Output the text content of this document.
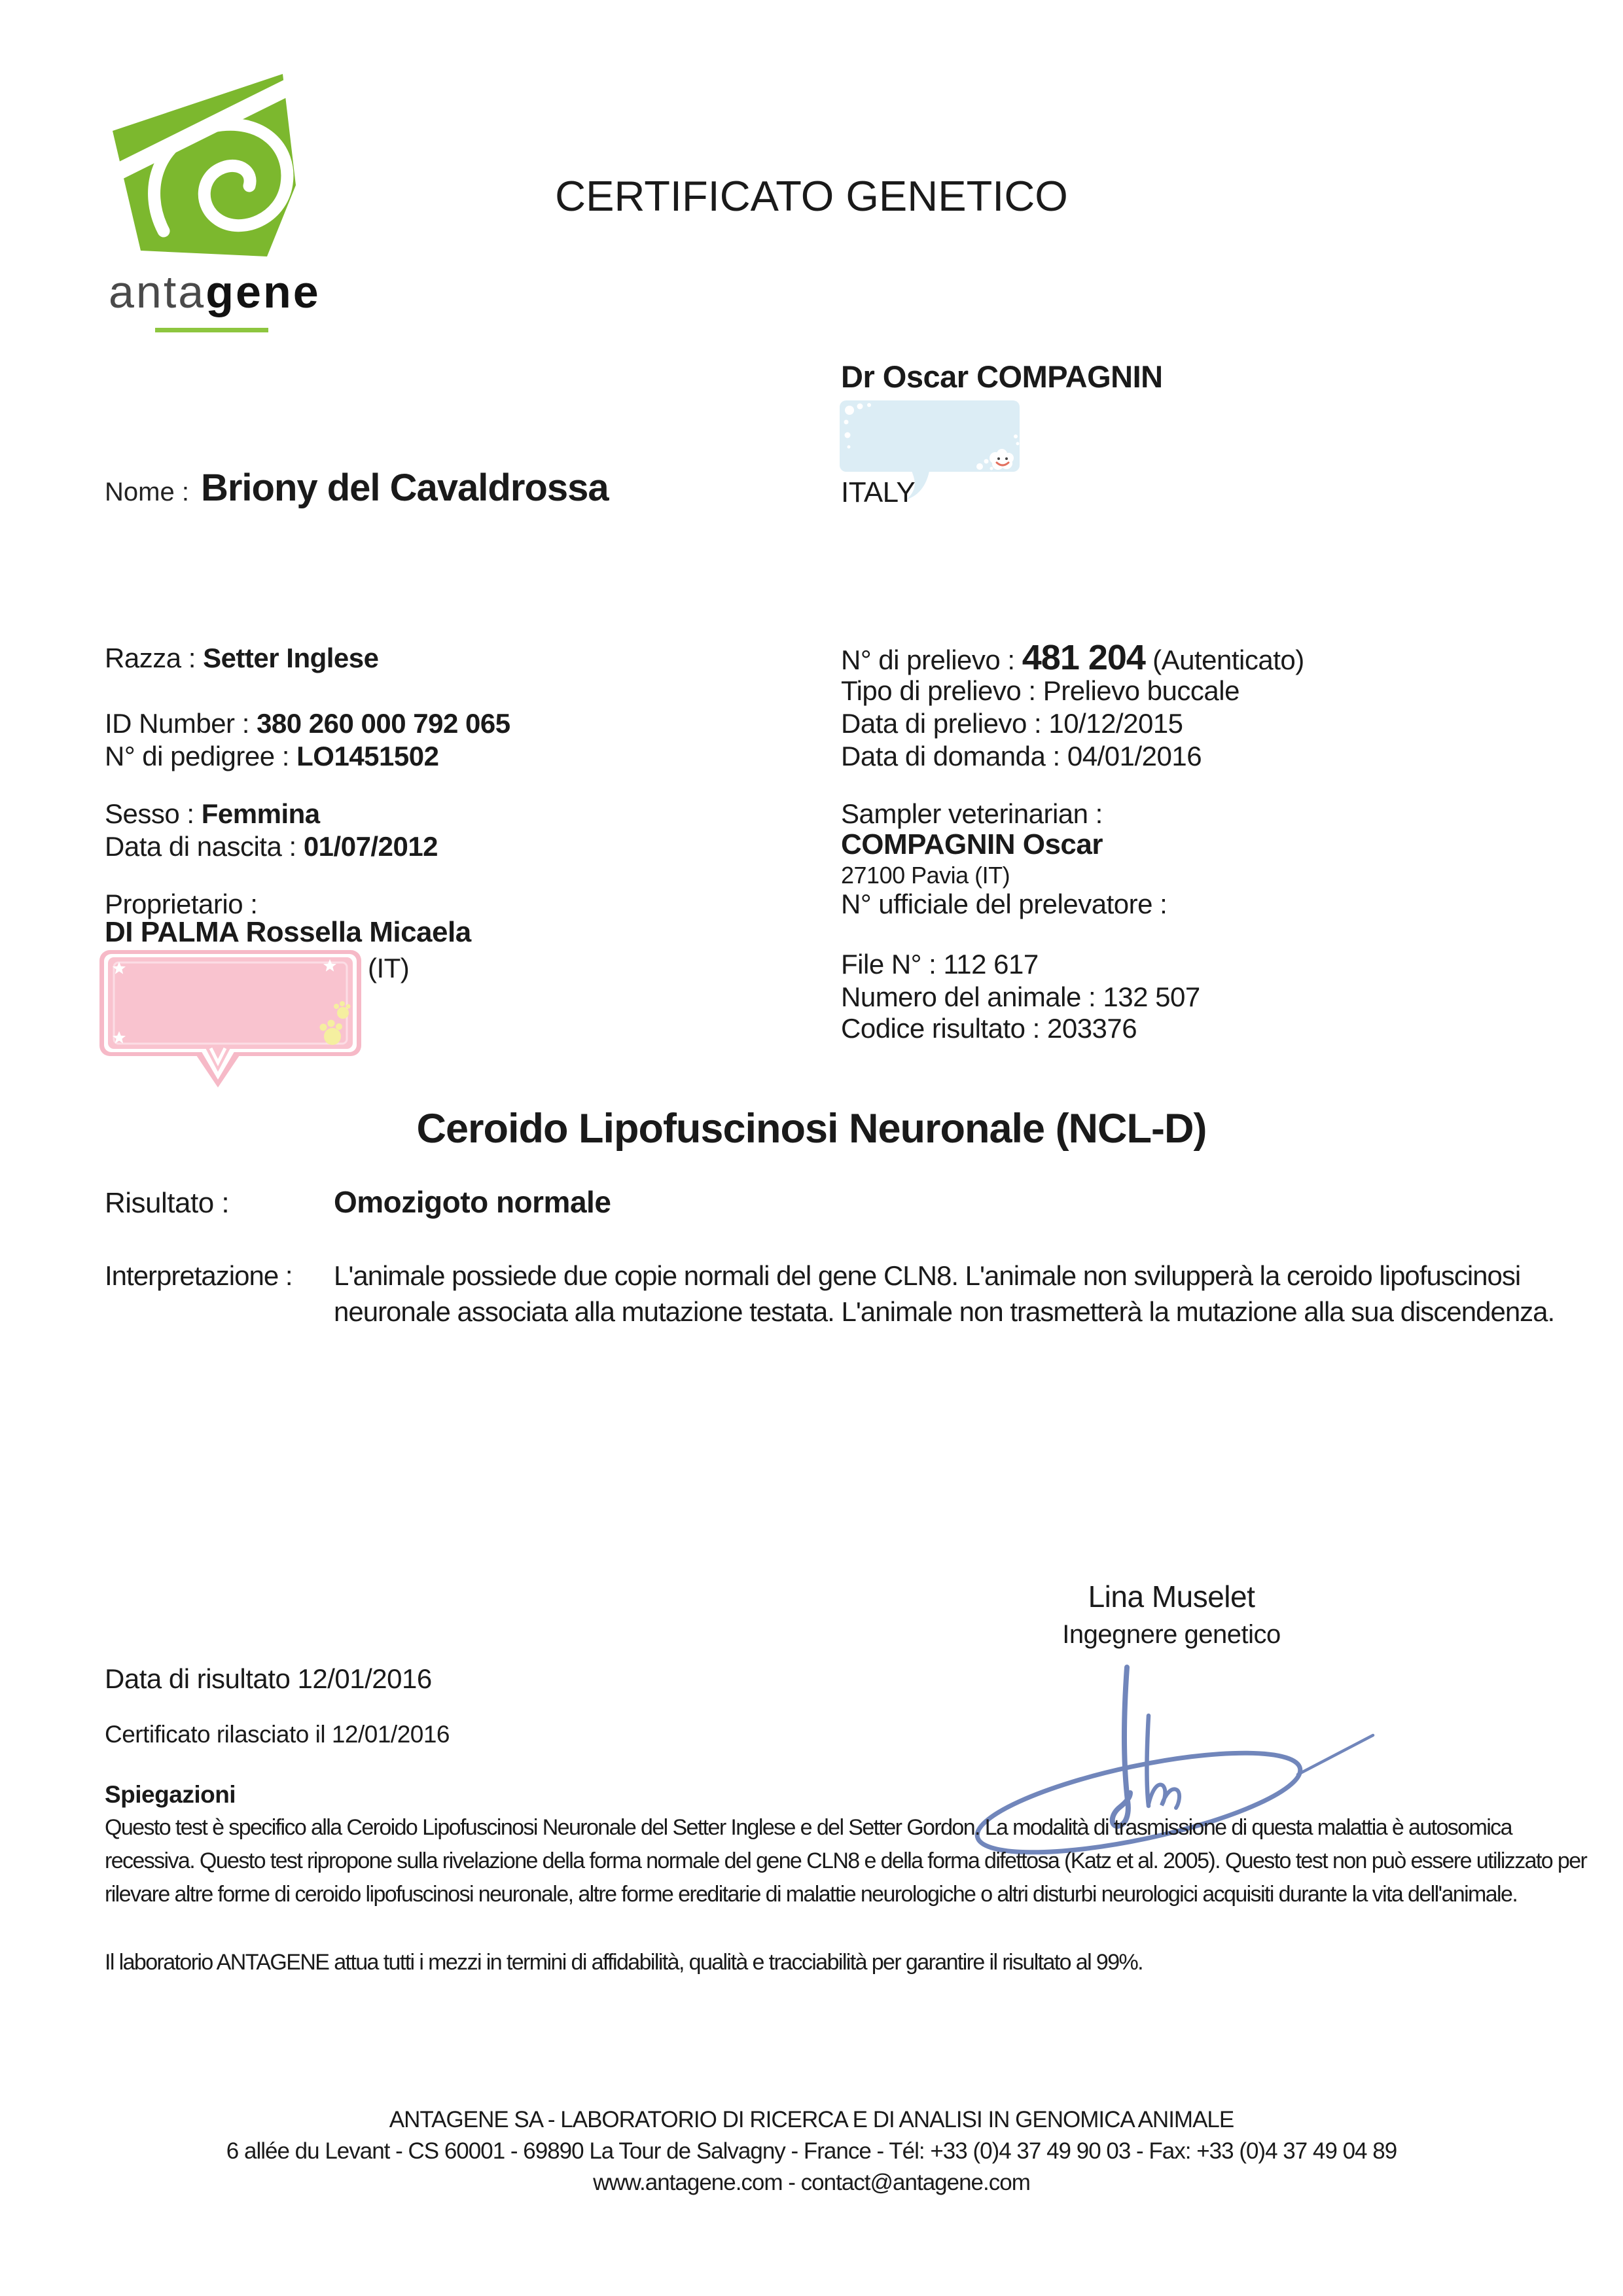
antagene
CERTIFICATO GENETICO
Dr Oscar COMPAGNIN
ITALY
Nome : Briony del Cavaldrossa
Razza : Setter Inglese
ID Number : 380 260 000 792 065
N° di pedigree : LO1451502
Sesso : Femmina
Data di nascita : 01/07/2012
Proprietario :
DI PALMA Rossella Micaela
(IT)
N° di prelievo : 481 204 (Autenticato)
Tipo di prelievo : Prelievo buccale
Data di prelievo : 10/12/2015
Data di domanda : 04/01/2016
Sampler veterinarian :
COMPAGNIN Oscar
27100 Pavia (IT)
N° ufficiale del prelevatore :
File N° : 112 617
Numero del animale : 132 507
Codice risultato : 203376
Ceroido Lipofuscinosi Neuronale (NCL-D)
Risultato :	Omozigoto normale
Interpretazione : L'animale possiede due copie normali del gene CLN8. L'animale non svilupperà la ceroido lipofuscinosi
neuronale associata alla mutazione testata. L'animale non trasmetterà la mutazione alla sua discendenza.
Lina Muselet
Ingegnere genetico
Data di risultato 12/01/2016
Certificato rilasciato il 12/01/2016
Spiegazioni
Questo test è specifico alla Ceroido Lipofuscinosi Neuronale del Setter Inglese e del Setter Gordon. La modalità di trasmissione di questa malattia è autosomica
recessiva. Questo test ripropone sulla rivelazione della forma normale del gene CLN8 e della forma difettosa (Katz et al. 2005). Questo test non può essere utilizzato per
rilevare altre forme di ceroido lipofuscinosi neuronale, altre forme ereditarie di malattie neurologiche o altri disturbi neurologici acquisiti durante la vita dell'animale.
Il laboratorio ANTAGENE attua tutti i mezzi in termini di affidabilità, qualità e tracciabilità per garantire il risultato al 99%.
ANTAGENE SA - LABORATORIO DI RICERCA E DI ANALISI IN GENOMICA ANIMALE
6 allée du Levant - CS 60001 - 69890 La Tour de Salvagny - France - Tél: +33 (0)4 37 49 90 03 - Fax: +33 (0)4 37 49 04 89
www.antagene.com - contact@antagene.com
